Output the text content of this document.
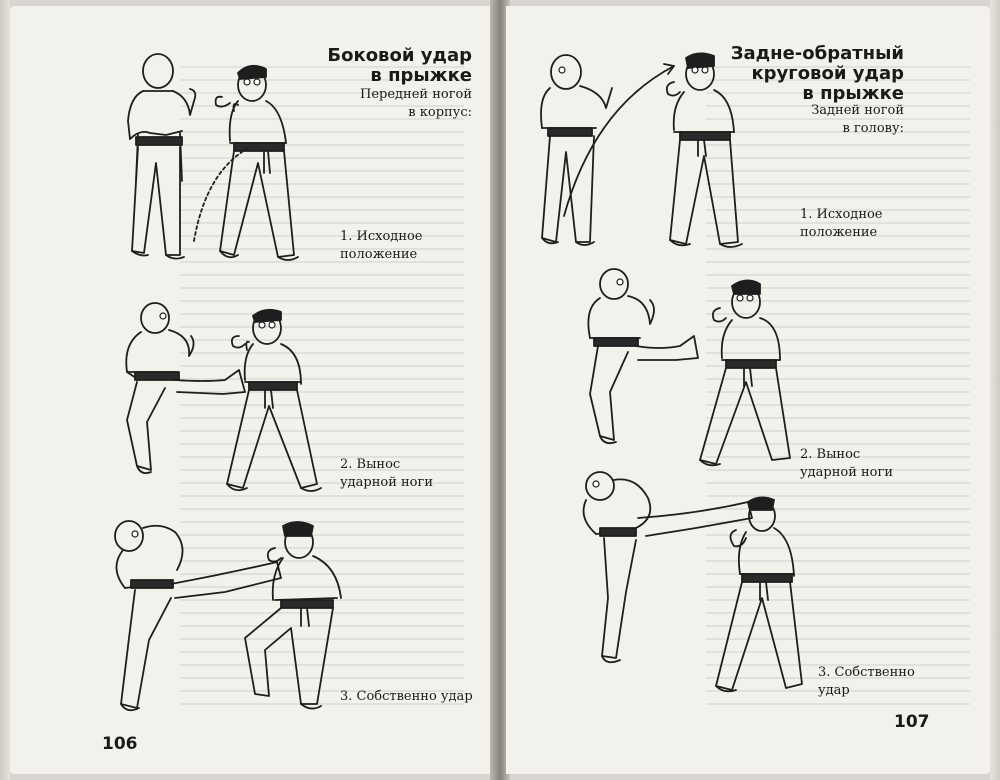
Боковой удар
в прыжке
Передней ногой
в корпус:
1. Исходное
положение
2. Вынос
ударной ноги
3. Собственно удар
106
Задне-обратный
круговой удар
в прыжке
Задней ногой
в голову:
1. Исходное
положение
2. Вынос
ударной ноги
3. Собственно
удар
107
